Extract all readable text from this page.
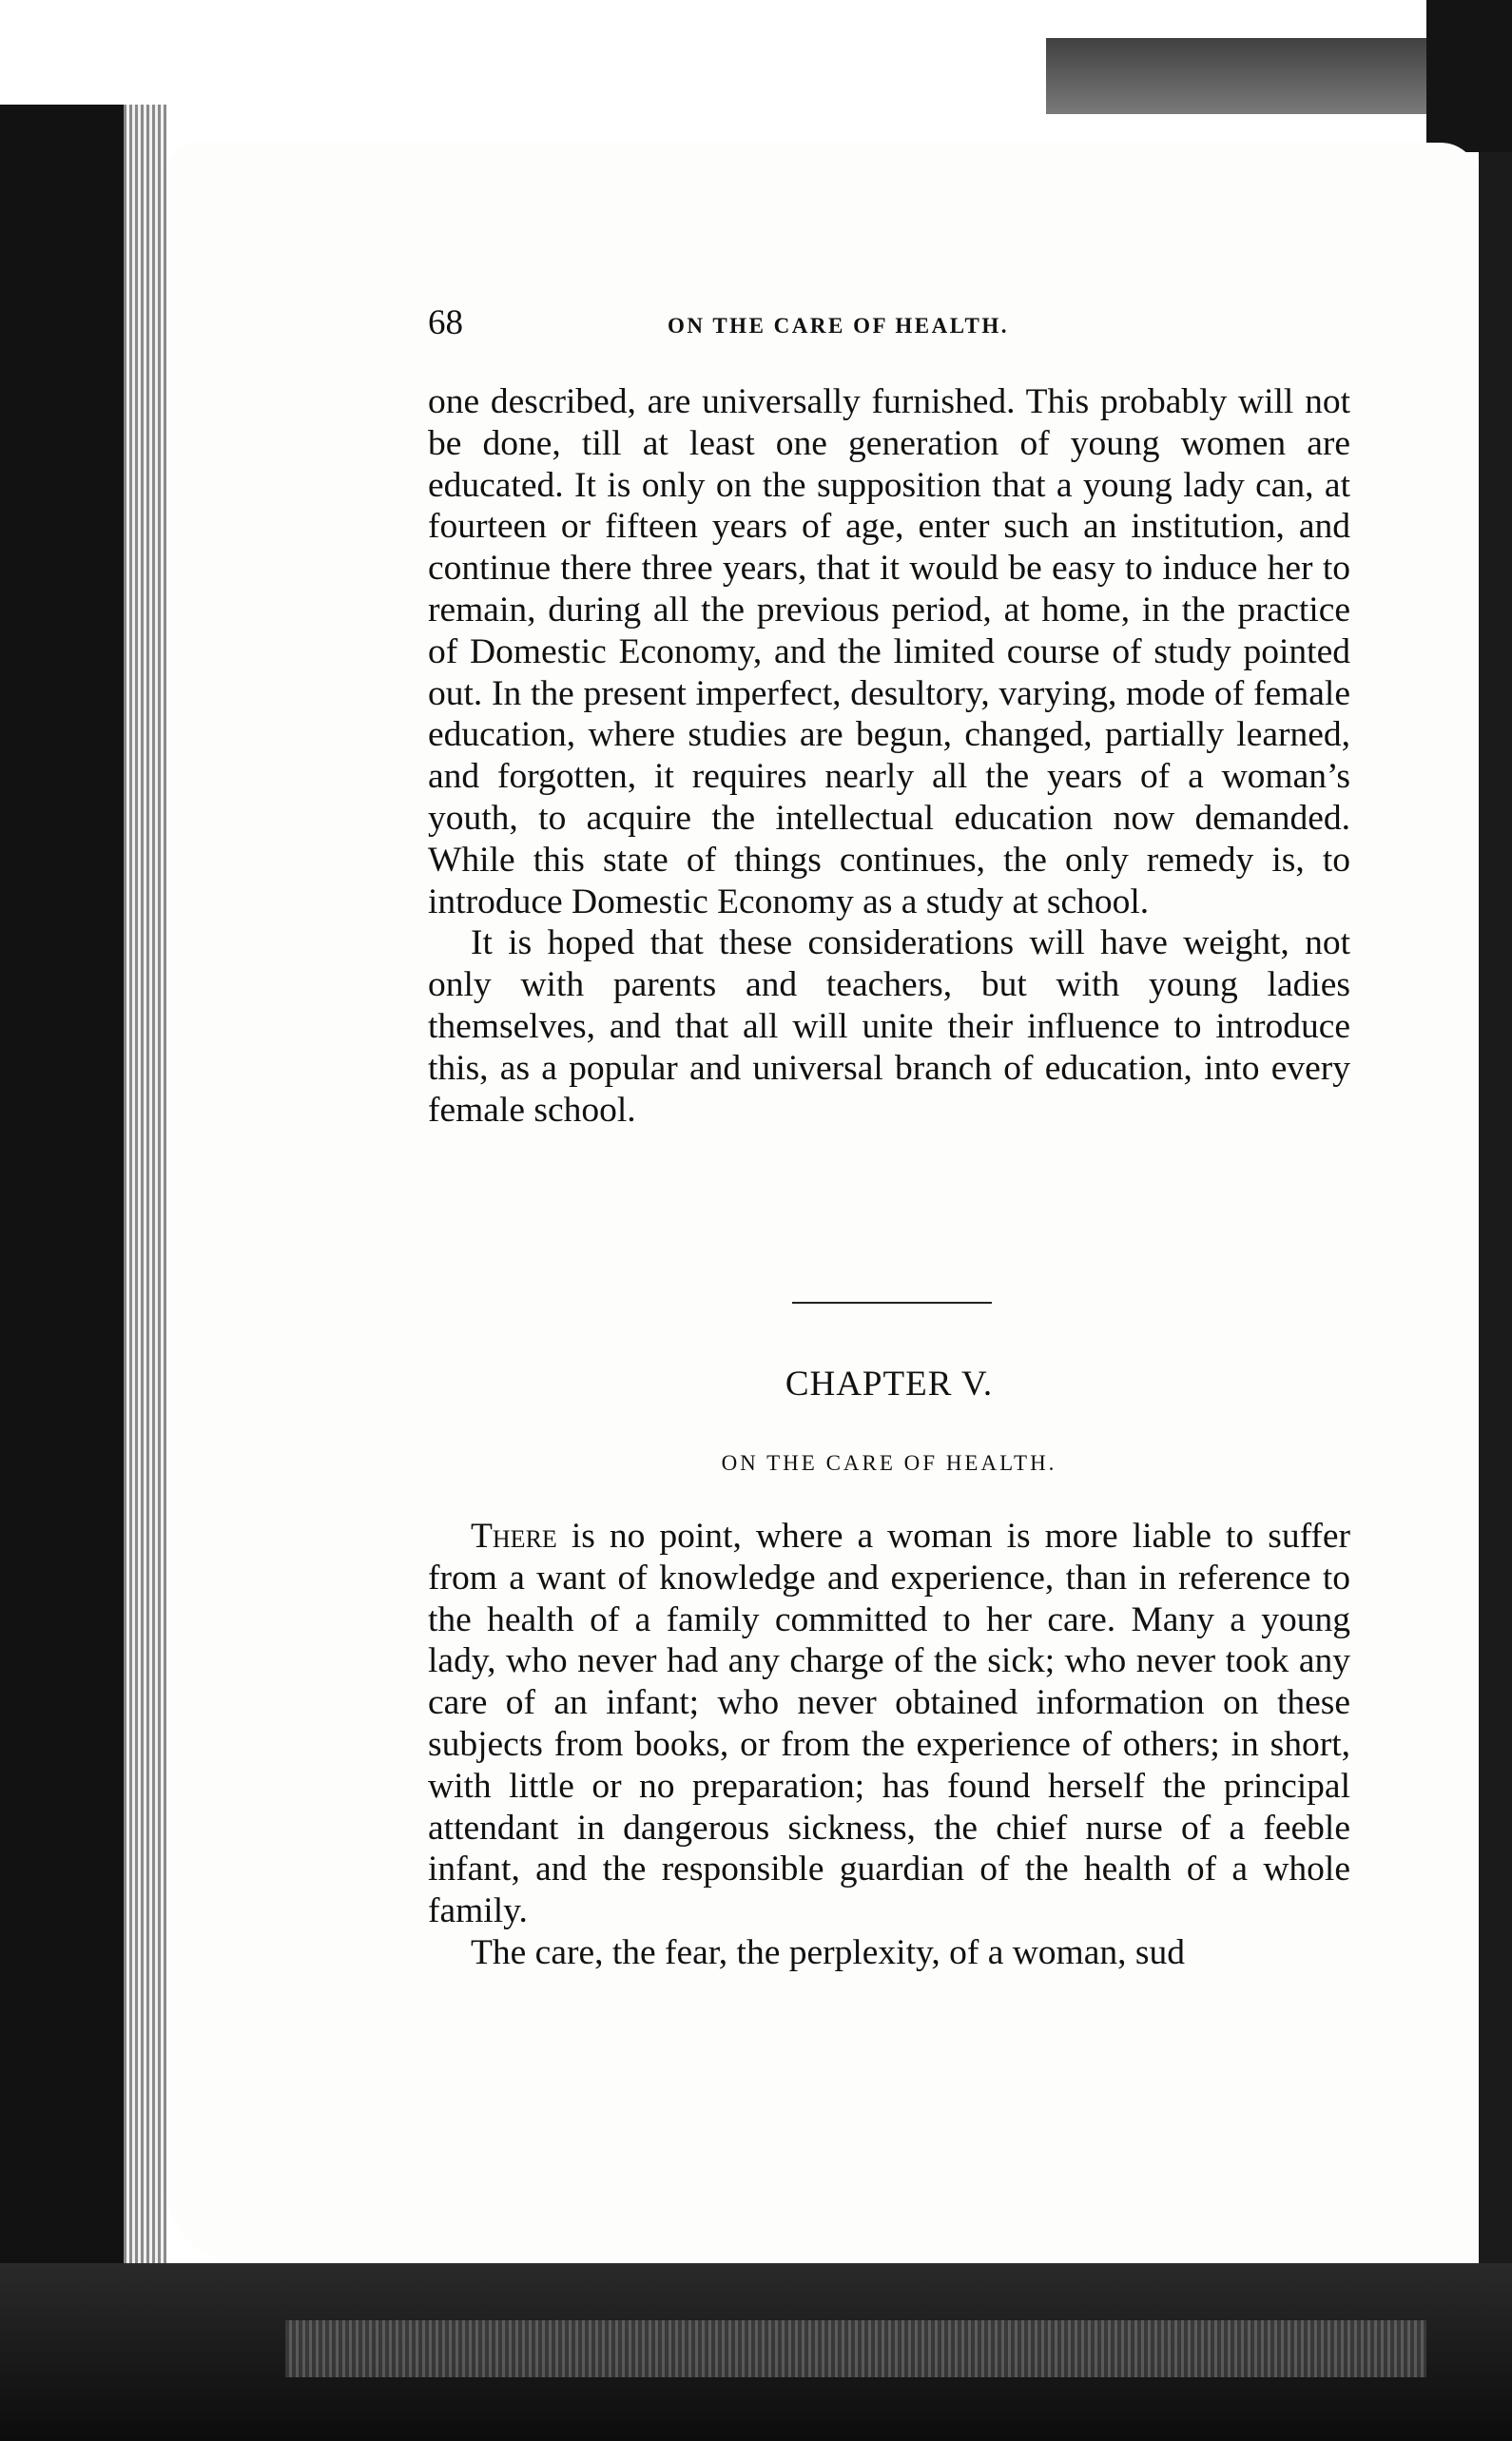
68	ON THE CARE OF HEALTH.

one described, are universally furnished. This probably will not be done, till at least one generation of young women are educated. It is only on the supposition that a young lady can, at fourteen or fifteen years of age, enter such an institution, and continue there three years, that it would be easy to induce her to remain, during all the previous period, at home, in the practice of Domestic Economy, and the limited course of study pointed out. In the present imperfect, desultory, varying, mode of female education, where studies are begun, changed, partially learned, and forgotten, it requires nearly all the years of a woman’s youth, to acquire the intellectual education now demanded. While this state of things continues, the only remedy is, to introduce Domestic Economy as a study at school.

It is hoped that these considerations will have weight, not only with parents and teachers, but with young ladies themselves, and that all will unite their influence to introduce this, as a popular and universal branch of education, into every female school.

CHAPTER V.
ON THE CARE OF HEALTH.

There is no point, where a woman is more liable to suffer from a want of knowledge and experience, than in reference to the health of a family committed to her care. Many a young lady, who never had any charge of the sick; who never took any care of an infant; who never obtained information on these subjects from books, or from the experience of others; in short, with little or no preparation; has found herself the principal attendant in dangerous sickness, the chief nurse of a feeble infant, and the responsible guardian of the health of a whole family.

The care, the fear, the perplexity, of a woman, sud
